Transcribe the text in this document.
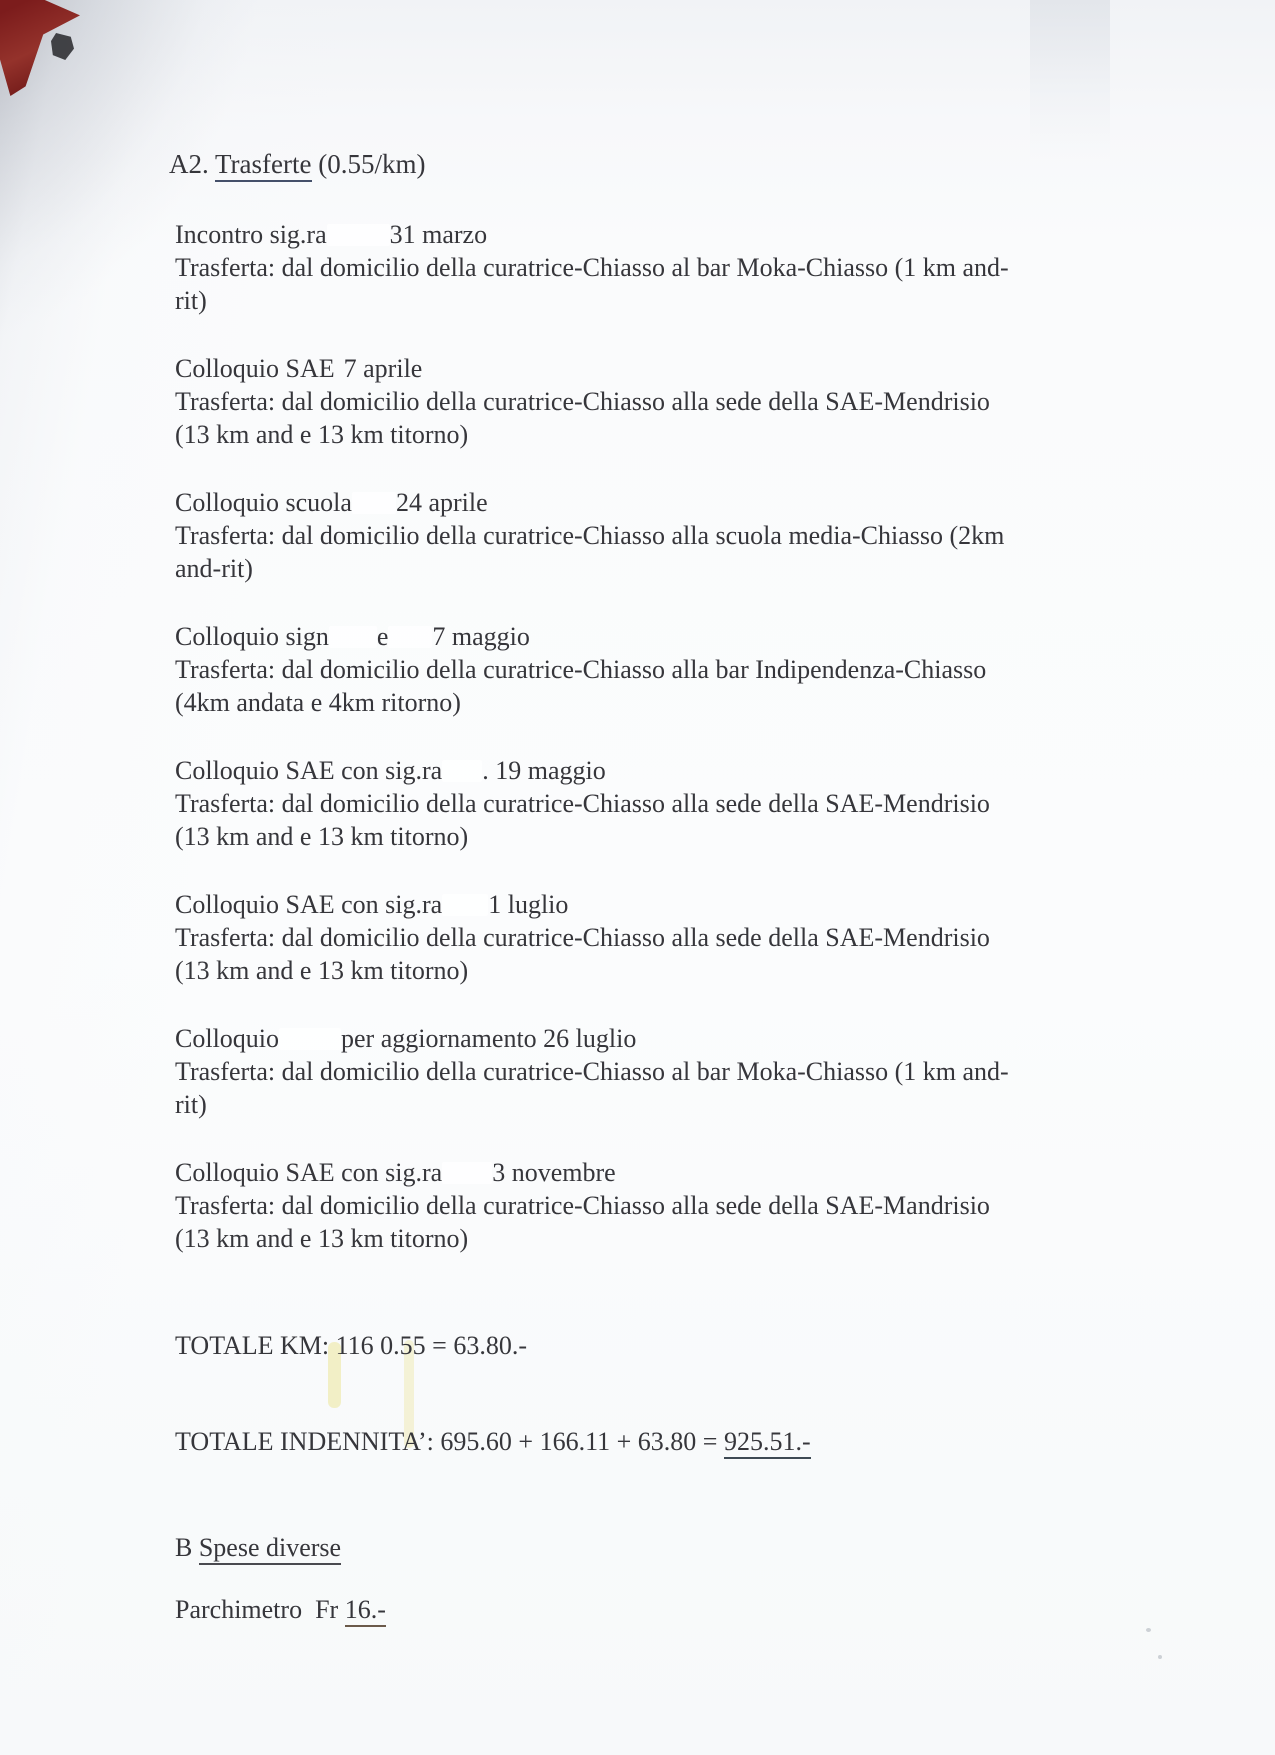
A2. Trasferte (0.55/km)

Incontro sig.ra 31 marzo

Trasferta: dal domicilio della curatrice-Chiasso al bar Moka-Chiasso (1 km and-

rit)

Colloquio SAE 7 aprile

Trasferta: dal domicilio della curatrice-Chiasso alla sede della SAE-Mendrisio

(13 km and e 13 km titorno)

Colloquio scuola 24 aprile

Trasferta: dal domicilio della curatrice-Chiasso alla scuola media-Chiasso (2km

and-rit)

Colloquio sign e 7 maggio

Trasferta: dal domicilio della curatrice-Chiasso alla bar Indipendenza-Chiasso

(4km andata e 4km ritorno)

Colloquio SAE con sig.ra . 19 maggio

Trasferta: dal domicilio della curatrice-Chiasso alla sede della SAE-Mendrisio

(13 km and e 13 km titorno)

Colloquio SAE con sig.ra 1 luglio

Trasferta: dal domicilio della curatrice-Chiasso alla sede della SAE-Mendrisio

(13 km and e 13 km titorno)

Colloquio per aggiornamento 26 luglio

Trasferta: dal domicilio della curatrice-Chiasso al bar Moka-Chiasso (1 km and-

rit)

Colloquio SAE con sig.ra 3 novembre

Trasferta: dal domicilio della curatrice-Chiasso alla sede della SAE-Mandrisio

(13 km and e 13 km titorno)

TOTALE KM: 116 0.55 = 63.80.-

TOTALE INDENNITA’: 695.60 + 166.11 + 63.80 = 925.51.-

B Spese diverse

Parchimetro  Fr 16.-
